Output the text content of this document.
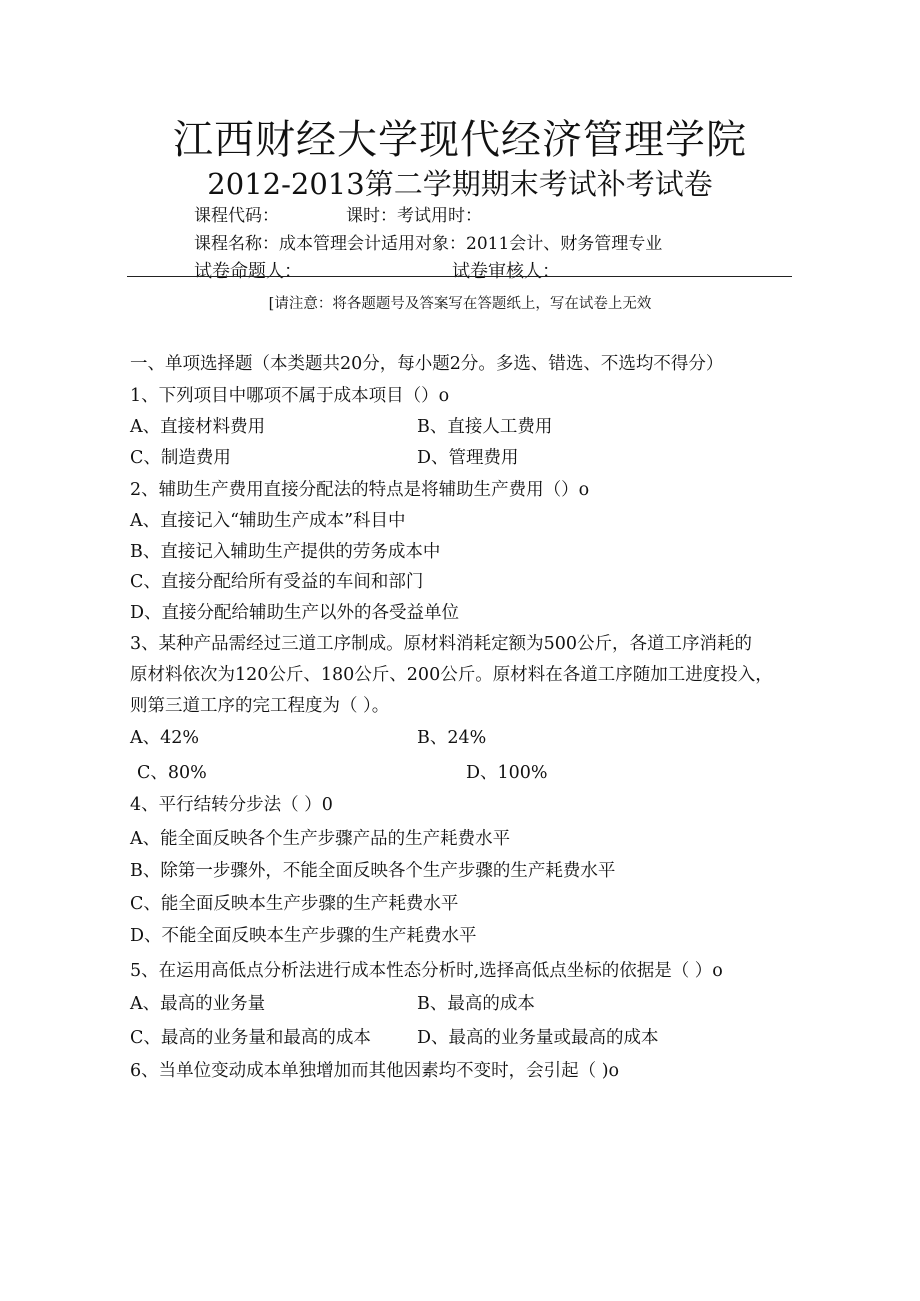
江西财经大学现代经济管理学院
2012-2013第二学期期末考试补考试卷
课程代码：	课时：考试用时：
课程名称：成本管理会计适用对象：2011会计、财务管理专业
试卷命题人：	试卷审核人：
[请注意：将各题题号及答案写在答题纸上，写在试卷上无效
一、单项选择题（本类题共20分，每小题2分。多选、错选、不选均不得分）
1、下列项目中哪项不属于成本项目（）o
A、直接材料费用	B、直接人工费用
C、制造费用	D、管理费用
2、辅助生产费用直接分配法的特点是将辅助生产费用（）o
A、直接记入“辅助生产成本”科目中
B、直接记入辅助生产提供的劳务成本中
C、直接分配给所有受益的车间和部门
D、直接分配给辅助生产以外的各受益单位
3、某种产品需经过三道工序制成。原材料消耗定额为500公斤，各道工序消耗的
原材料依次为120公斤、180公斤、200公斤。原材料在各道工序随加工进度投入，
则第三道工序的完工程度为（ ）。
A、42%	B、24%
C、80%	D、100%
4、平行结转分步法（ ）0
A、能全面反映各个生产步骤产品的生产耗费水平
B、除第一步骤外，不能全面反映各个生产步骤的生产耗费水平
C、能全面反映本生产步骤的生产耗费水平
D、不能全面反映本生产步骤的生产耗费水平
5、在运用高低点分析法进行成本性态分析时,选择高低点坐标的依据是（ ）o
A、最高的业务量	B、最高的成本
C、最高的业务量和最高的成本	D、最高的业务量或最高的成本
6、当单位变动成本单独增加而其他因素均不变时，会引起（ )o
